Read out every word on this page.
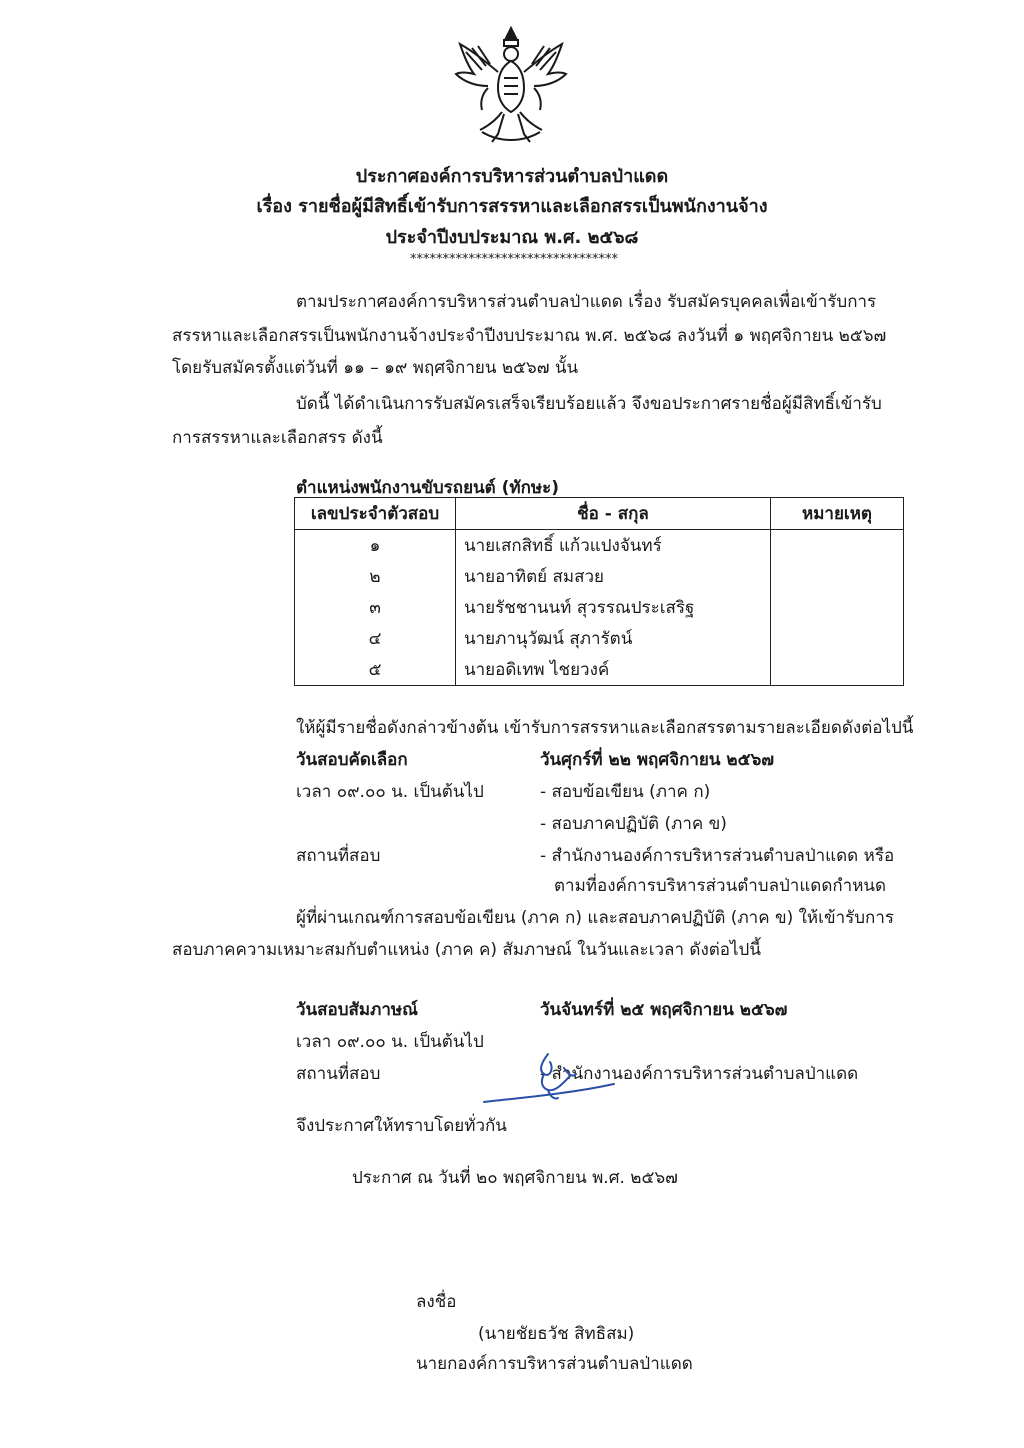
ประกาศองค์การบริหารส่วนตำบลป่าแดด
เรื่อง รายชื่อผู้มีสิทธิ์เข้ารับการสรรหาและเลือกสรรเป็นพนักงานจ้าง
ประจำปีงบประมาณ พ.ศ. ๒๕๖๘
********************************
ตามประกาศองค์การบริหารส่วนตำบลป่าแดด เรื่อง รับสมัครบุคคลเพื่อเข้ารับการ
สรรหาและเลือกสรรเป็นพนักงานจ้างประจำปีงบประมาณ พ.ศ. ๒๕๖๘ ลงวันที่ ๑ พฤศจิกายน ๒๕๖๗
โดยรับสมัครตั้งแต่วันที่ ๑๑ – ๑๙ พฤศจิกายน ๒๕๖๗ นั้น
บัดนี้ ได้ดำเนินการรับสมัครเสร็จเรียบร้อยแล้ว จึงขอประกาศรายชื่อผู้มีสิทธิ์เข้ารับ
การสรรหาและเลือกสรร ดังนี้
ตำแหน่งพนักงานขับรถยนต์ (ทักษะ)
เลขประจำตัวสอบ	ชื่อ - สกุล	หมายเหตุ
๑	นายเสกสิทธิ์ แก้วแปงจันทร์	
๒	นายอาทิตย์ สมสวย	
๓	นายรัชชานนท์ สุวรรณประเสริฐ	
๔	นายภานุวัฒน์ สุภารัตน์	
๕	นายอดิเทพ ไชยวงค์	
ให้ผู้มีรายชื่อดังกล่าวข้างต้น เข้ารับการสรรหาและเลือกสรรตามรายละเอียดดังต่อไปนี้
วันสอบคัดเลือก	วันศุกร์ที่ ๒๒ พฤศจิกายน ๒๕๖๗
เวลา ๐๙.๐๐ น. เป็นต้นไป	- สอบข้อเขียน (ภาค ก)
- สอบภาคปฏิบัติ (ภาค ข)
สถานที่สอบ	- สำนักงานองค์การบริหารส่วนตำบลป่าแดด หรือ
ตามที่องค์การบริหารส่วนตำบลป่าแดดกำหนด
ผู้ที่ผ่านเกณฑ์การสอบข้อเขียน (ภาค ก) และสอบภาคปฏิบัติ (ภาค ข) ให้เข้ารับการ
สอบภาคความเหมาะสมกับตำแหน่ง (ภาค ค) สัมภาษณ์ ในวันและเวลา ดังต่อไปนี้
วันสอบสัมภาษณ์	วันจันทร์ที่ ๒๕ พฤศจิกายน ๒๕๖๗
เวลา ๐๙.๐๐ น. เป็นต้นไป
สถานที่สอบ	- สำนักงานองค์การบริหารส่วนตำบลป่าแดด
จึงประกาศให้ทราบโดยทั่วกัน
ประกาศ ณ วันที่ ๒๐ พฤศจิกายน พ.ศ. ๒๕๖๗
ลงชื่อ
(นายชัยธวัช สิทธิสม)
นายกองค์การบริหารส่วนตำบลป่าแดด
